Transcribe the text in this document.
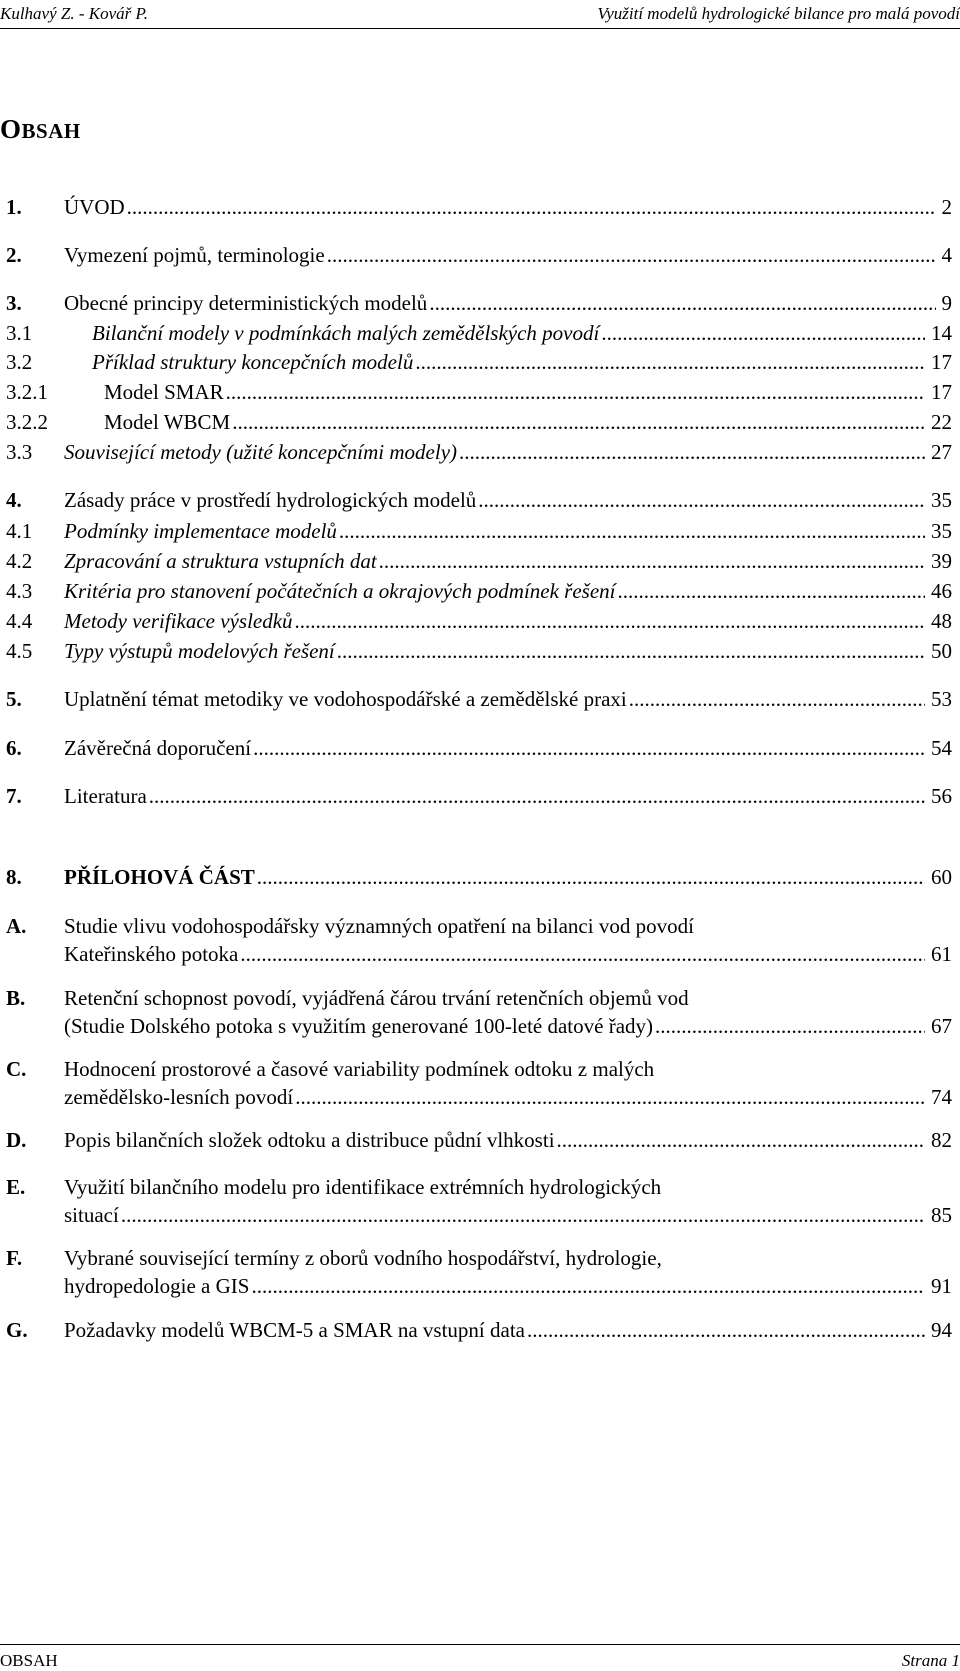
Kulhavý Z. - Kovář P.	Využití modelů hydrologické bilance pro malá povodí
OBSAH
1. ÚVOD .....	2
2. Vymezení pojmů, terminologie .....	4
3. Obecné principy deterministických modelů .....	9
3.1	Bilanční modely v podmínkách malých zemědělských povodí .....	14
3.2	Příklad struktury koncepčních modelů .....	17
3.2.1	Model SMAR .....	17
3.2.2	Model WBCM .....	22
3.3 Související metody (užité koncepčními modely) .....	27
4. Zásady práce v prostředí hydrologických modelů .....	35
4.1 Podmínky implementace modelů .....	35
4.2 Zpracování a struktura vstupních dat .....	39
4.3 Kritéria pro stanovení počátečních a okrajových podmínek řešení .....	46
4.4 Metody verifikace výsledků .....	48
4.5 Typy výstupů modelových řešení .....	50
5. Uplatnění témat metodiky ve vodohospodářské a zemědělské praxi .....	53
6. Závěrečná doporučení .....	54
7. Literatura .....	56
8. PŘÍLOHOVÁ ČÁST .....	60
A. Studie vlivu vodohospodářsky významných opatření na bilanci vod povodí
Kateřinského potoka .....	61
B. Retenční schopnost povodí, vyjádřená čárou trvání retenčních objemů vod
(Studie Dolského potoka s využitím generované 100-leté datové řady) .....	67
C. Hodnocení prostorové a časové variability podmínek odtoku z malých
zemědělsko-lesních povodí .....	74
D. Popis bilančních složek odtoku a distribuce půdní vlhkosti .....	82
E. Využití bilančního modelu pro identifikace extrémních hydrologických
situací .....	85
F. Vybrané související termíny z oborů vodního hospodářství, hydrologie,
hydropedologie a GIS .....	91
G. Požadavky modelů WBCM-5 a SMAR na vstupní data .....	94
OBSAH	Strana 1
